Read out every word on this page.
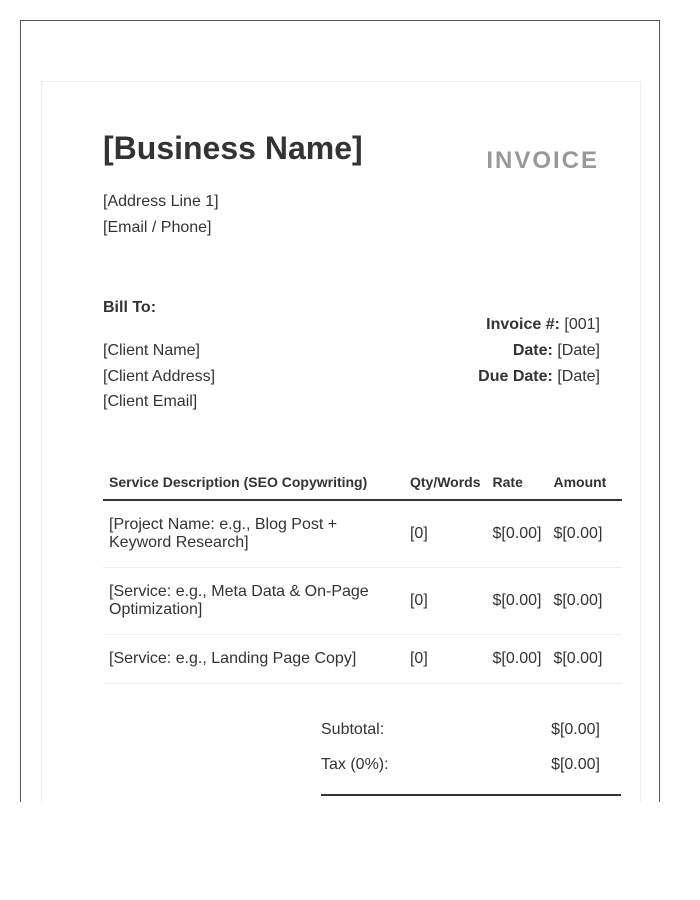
[Business Name]	INVOICE
[Address Line 1]
[Email / Phone]
Bill To:
[Client Name]
[Client Address]
[Client Email]
Invoice #: [001]
Date: [Date]
Due Date: [Date]
Service Description (SEO Copywriting)	Qty/Words	Rate	Amount
[Project Name: e.g., Blog Post + Keyword Research]	[0]	$[0.00]	$[0.00]
[Service: e.g., Meta Data & On-Page Optimization]	[0]	$[0.00]	$[0.00]
[Service: e.g., Landing Page Copy]	[0]	$[0.00]	$[0.00]
Subtotal:	$[0.00]
Tax (0%):	$[0.00]
